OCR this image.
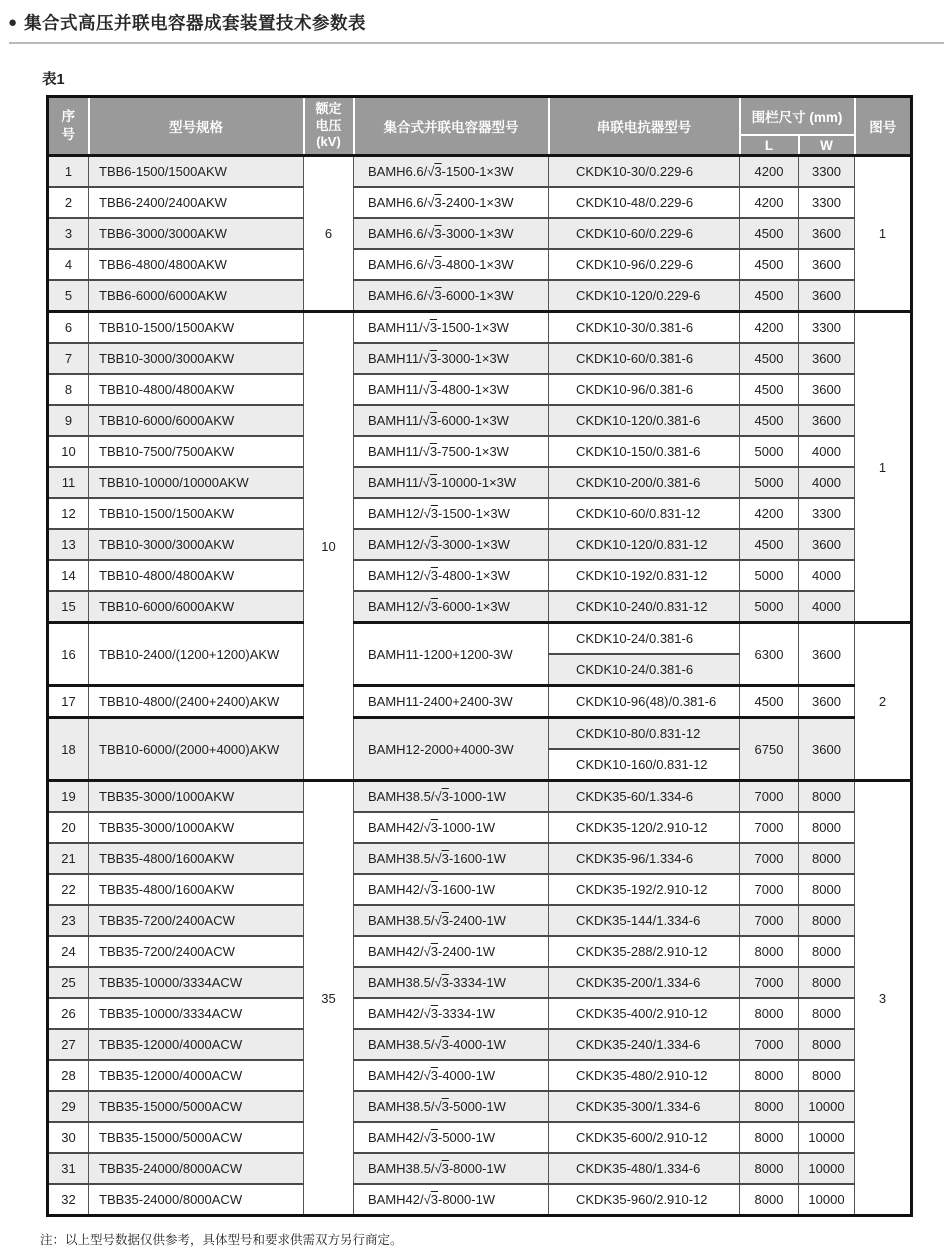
● 集合式高压并联电容器成套装置技术参数表
表1
序号	型号规格	额定电压(kV)	集合式并联电容器型号	串联电抗器型号	围栏尺寸 (mm)		图号
					L	W	
1	TBB6-1500/1500AKW	6	BAMH6.6/√3-1500-1×3W	CKDK10-30/0.229-6	4200	3300	1
2	TBB6-2400/2400AKW		BAMH6.6/√3-2400-1×3W	CKDK10-48/0.229-6	4200	3300	
3	TBB6-3000/3000AKW		BAMH6.6/√3-3000-1×3W	CKDK10-60/0.229-6	4500	3600	
4	TBB6-4800/4800AKW		BAMH6.6/√3-4800-1×3W	CKDK10-96/0.229-6	4500	3600	
5	TBB6-6000/6000AKW		BAMH6.6/√3-6000-1×3W	CKDK10-120/0.229-6	4500	3600	
6	TBB10-1500/1500AKW	10	BAMH11/√3-1500-1×3W	CKDK10-30/0.381-6	4200	3300	1
7	TBB10-3000/3000AKW		BAMH11/√3-3000-1×3W	CKDK10-60/0.381-6	4500	3600	
8	TBB10-4800/4800AKW		BAMH11/√3-4800-1×3W	CKDK10-96/0.381-6	4500	3600	
9	TBB10-6000/6000AKW		BAMH11/√3-6000-1×3W	CKDK10-120/0.381-6	4500	3600	
10	TBB10-7500/7500AKW		BAMH11/√3-7500-1×3W	CKDK10-150/0.381-6	5000	4000	
11	TBB10-10000/10000AKW		BAMH11/√3-10000-1×3W	CKDK10-200/0.381-6	5000	4000	
12	TBB10-1500/1500AKW		BAMH12/√3-1500-1×3W	CKDK10-60/0.831-12	4200	3300	
13	TBB10-3000/3000AKW		BAMH12/√3-3000-1×3W	CKDK10-120/0.831-12	4500	3600	
14	TBB10-4800/4800AKW		BAMH12/√3-4800-1×3W	CKDK10-192/0.831-12	5000	4000	
15	TBB10-6000/6000AKW		BAMH12/√3-6000-1×3W	CKDK10-240/0.831-12	5000	4000	
16	TBB10-2400/(1200+1200)AKW		BAMH11-1200+1200-3W	CKDK10-24/0.381-6	6300	3600	2
				CKDK10-24/0.381-6			
17	TBB10-4800/(2400+2400)AKW		BAMH11-2400+2400-3W	CKDK10-96(48)/0.381-6	4500	3600	
18	TBB10-6000/(2000+4000)AKW		BAMH12-2000+4000-3W	CKDK10-80/0.831-12	6750	3600	
				CKDK10-160/0.831-12			
19	TBB35-3000/1000AKW	35	BAMH38.5/√3-1000-1W	CKDK35-60/1.334-6	7000	8000	3
20	TBB35-3000/1000AKW		BAMH42/√3-1000-1W	CKDK35-120/2.910-12	7000	8000	
21	TBB35-4800/1600AKW		BAMH38.5/√3-1600-1W	CKDK35-96/1.334-6	7000	8000	
22	TBB35-4800/1600AKW		BAMH42/√3-1600-1W	CKDK35-192/2.910-12	7000	8000	
23	TBB35-7200/2400ACW		BAMH38.5/√3-2400-1W	CKDK35-144/1.334-6	7000	8000	
24	TBB35-7200/2400ACW		BAMH42/√3-2400-1W	CKDK35-288/2.910-12	8000	8000	
25	TBB35-10000/3334ACW		BAMH38.5/√3-3334-1W	CKDK35-200/1.334-6	7000	8000	
26	TBB35-10000/3334ACW		BAMH42/√3-3334-1W	CKDK35-400/2.910-12	8000	8000	
27	TBB35-12000/4000ACW		BAMH38.5/√3-4000-1W	CKDK35-240/1.334-6	7000	8000	
28	TBB35-12000/4000ACW		BAMH42/√3-4000-1W	CKDK35-480/2.910-12	8000	8000	
29	TBB35-15000/5000ACW		BAMH38.5/√3-5000-1W	CKDK35-300/1.334-6	8000	10000	
30	TBB35-15000/5000ACW		BAMH42/√3-5000-1W	CKDK35-600/2.910-12	8000	10000	
31	TBB35-24000/8000ACW		BAMH38.5/√3-8000-1W	CKDK35-480/1.334-6	8000	10000	
32	TBB35-24000/8000ACW		BAMH42/√3-8000-1W	CKDK35-960/2.910-12	8000	10000	
注：以上型号数据仅供参考，具体型号和要求供需双方另行商定。
